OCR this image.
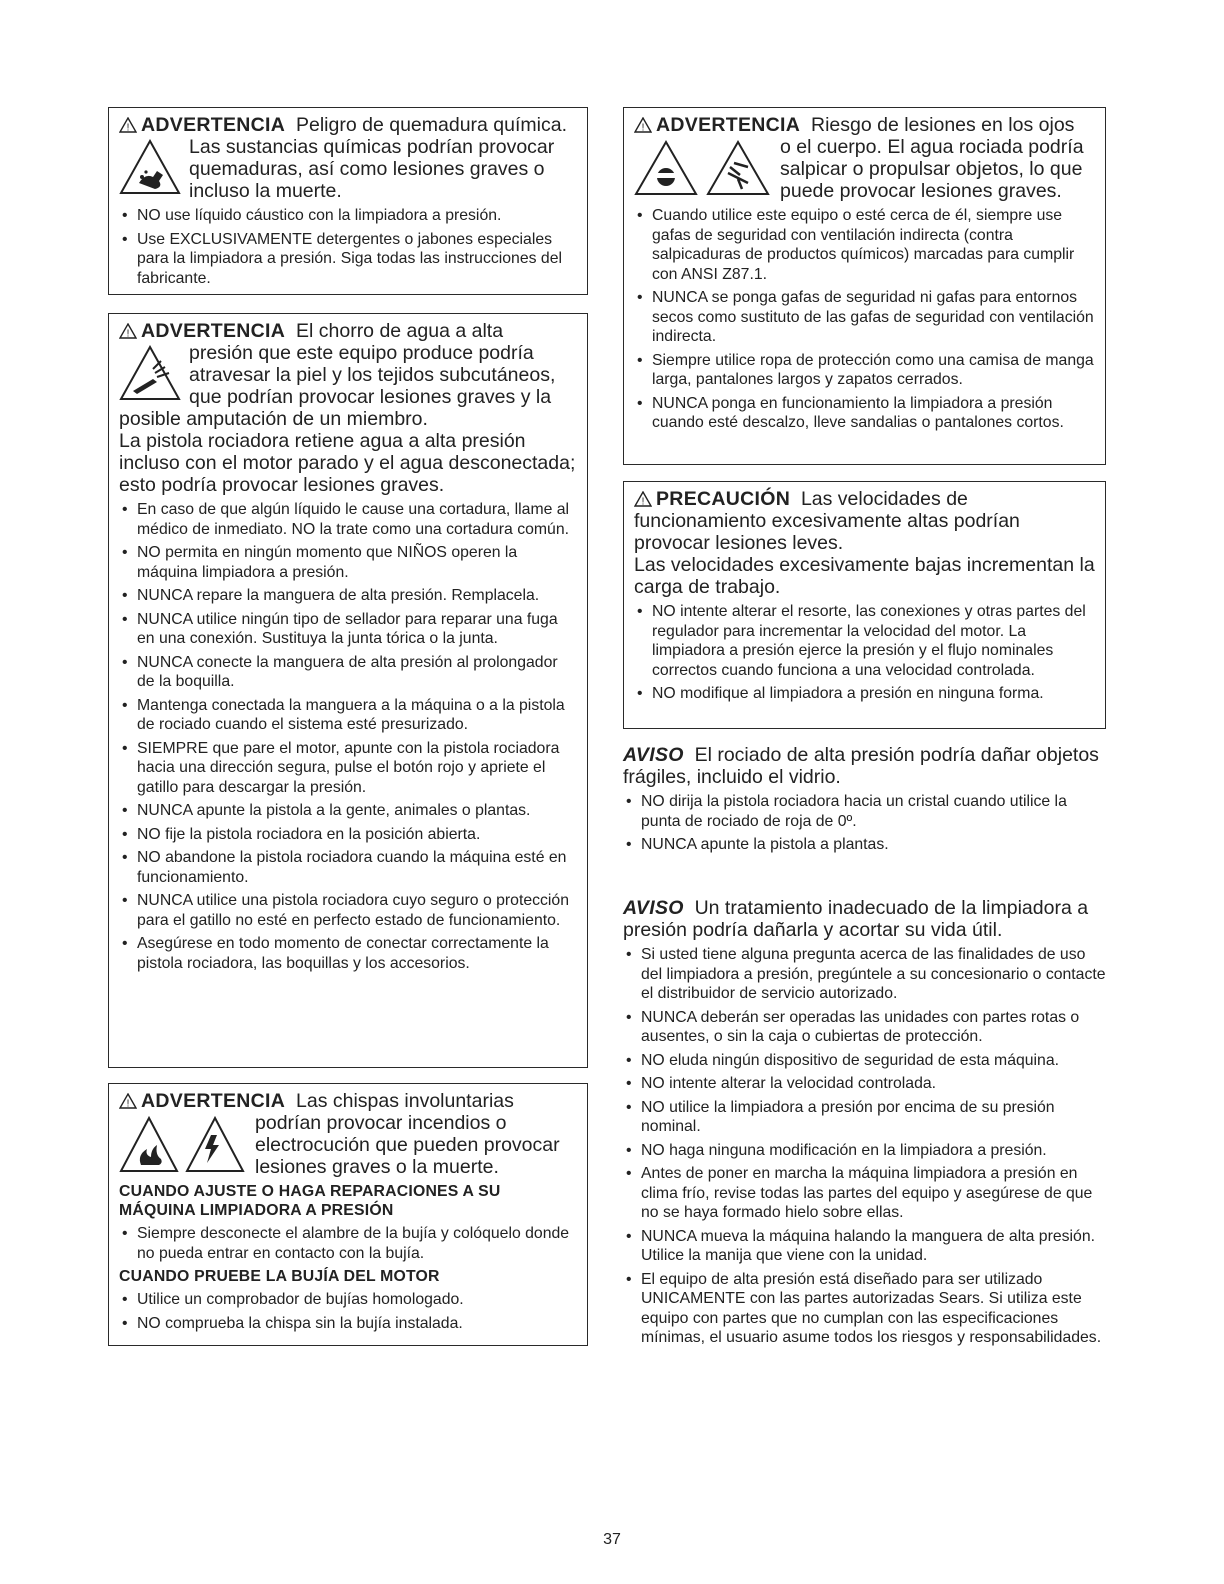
! ADVERTENCIA Peligro de quemadura química.
Las sustancias químicas podrían provocar quemaduras, así como lesiones graves o incluso la muerte.
• NO use líquido cáustico con la limpiadora a presión.
• Use EXCLUSIVAMENTE detergentes o jabones especiales para la limpiadora a presión. Siga todas las instrucciones del fabricante.
! ADVERTENCIA El chorro de agua a alta
presión que este equipo produce podría atravesar la piel y los tejidos subcutáneos, que podrían provocar lesiones graves y la posible amputación de un miembro.
La pistola rociadora retiene agua a alta presión incluso con el motor parado y el agua desconectada; esto podría provocar lesiones graves.
• En caso de que algún líquido le cause una cortadura, llame al médico de inmediato. NO la trate como una cortadura común.
• NO permita en ningún momento que NIÑOS operen la máquina limpiadora a presión.
• NUNCA repare la manguera de alta presión. Remplacela.
• NUNCA utilice ningún tipo de sellador para reparar una fuga en una conexión. Sustituya la junta tórica o la junta.
• NUNCA conecte la manguera de alta presión al prolongador de la boquilla.
• Mantenga conectada la manguera a la máquina o a la pistola de rociado cuando el sistema esté presurizado.
• SIEMPRE que pare el motor, apunte con la pistola rociadora hacia una dirección segura, pulse el botón rojo y apriete el gatillo para descargar la presión.
• NUNCA apunte la pistola a la gente, animales o plantas.
• NO fije la pistola rociadora en la posición abierta.
• NO abandone la pistola rociadora cuando la máquina esté en funcionamiento.
• NUNCA utilice una pistola rociadora cuyo seguro o protección para el gatillo no esté en perfecto estado de funcionamiento.
• Asegúrese en todo momento de conectar correctamente la pistola rociadora, las boquillas y los accesorios.
! ADVERTENCIA Las chispas involuntarias
podrían provocar incendios o electrocución que pueden provocar lesiones graves o la muerte.
CUANDO AJUSTE O HAGA REPARACIONES A SU MÁQUINA LIMPIADORA A PRESIÓN
• Siempre desconecte el alambre de la bujía y colóquelo donde no pueda entrar en contacto con la bujía.
CUANDO PRUEBE LA BUJÍA DEL MOTOR
• Utilice un comprobador de bujías homologado.
• NO comprueba la chispa sin la bujía instalada.
! ADVERTENCIA Riesgo de lesiones en los ojos
o el cuerpo. El agua rociada podría salpicar o propulsar objetos, lo que puede provocar lesiones graves.
• Cuando utilice este equipo o esté cerca de él, siempre use gafas de seguridad con ventilación indirecta (contra salpicaduras de productos químicos) marcadas para cumplir con ANSI Z87.1.
• NUNCA se ponga gafas de seguridad ni gafas para entornos secos como sustituto de las gafas de seguridad con ventilación indirecta.
• Siempre utilice ropa de protección como una camisa de manga larga, pantalones largos y zapatos cerrados.
• NUNCA ponga en funcionamiento la limpiadora a presión cuando esté descalzo, lleve sandalias o pantalones cortos.
! PRECAUCIÓN Las velocidades de
funcionamiento excesivamente altas podrían provocar lesiones leves.
Las velocidades excesivamente bajas incrementan la carga de trabajo.
• NO intente alterar el resorte, las conexiones y otras partes del regulador para incrementar la velocidad del motor. La limpiadora a presión ejerce la presión y el flujo nominales correctos cuando funciona a una velocidad controlada.
• NO modifique al limpiadora a presión en ninguna forma.
AVISO El rociado de alta presión podría dañar objetos frágiles, incluido el vidrio.
• NO dirija la pistola rociadora hacia un cristal cuando utilice la punta de rociado de roja de 0º.
• NUNCA apunte la pistola a plantas.
AVISO Un tratamiento inadecuado de la limpiadora a presión podría dañarla y acortar su vida útil.
• Si usted tiene alguna pregunta acerca de las finalidades de uso del limpiadora a presión, pregúntele a su concesionario o contacte el distribuidor de servicio autorizado.
• NUNCA deberán ser operadas las unidades con partes rotas o ausentes, o sin la caja o cubiertas de protección.
• NO eluda ningún dispositivo de seguridad de esta máquina.
• NO intente alterar la velocidad controlada.
• NO utilice la limpiadora a presión por encima de su presión nominal.
• NO haga ninguna modificación en la limpiadora a presión.
• Antes de poner en marcha la máquina limpiadora a presión en clima frío, revise todas las partes del equipo y asegúrese de que no se haya formado hielo sobre ellas.
• NUNCA mueva la máquina halando la manguera de alta presión. Utilice la manija que viene con la unidad.
• El equipo de alta presión está diseñado para ser utilizado UNICAMENTE con las partes autorizadas Sears. Si utiliza este equipo con partes que no cumplan con las especificaciones mínimas, el usuario asume todos los riesgos y responsabilidades.
37
